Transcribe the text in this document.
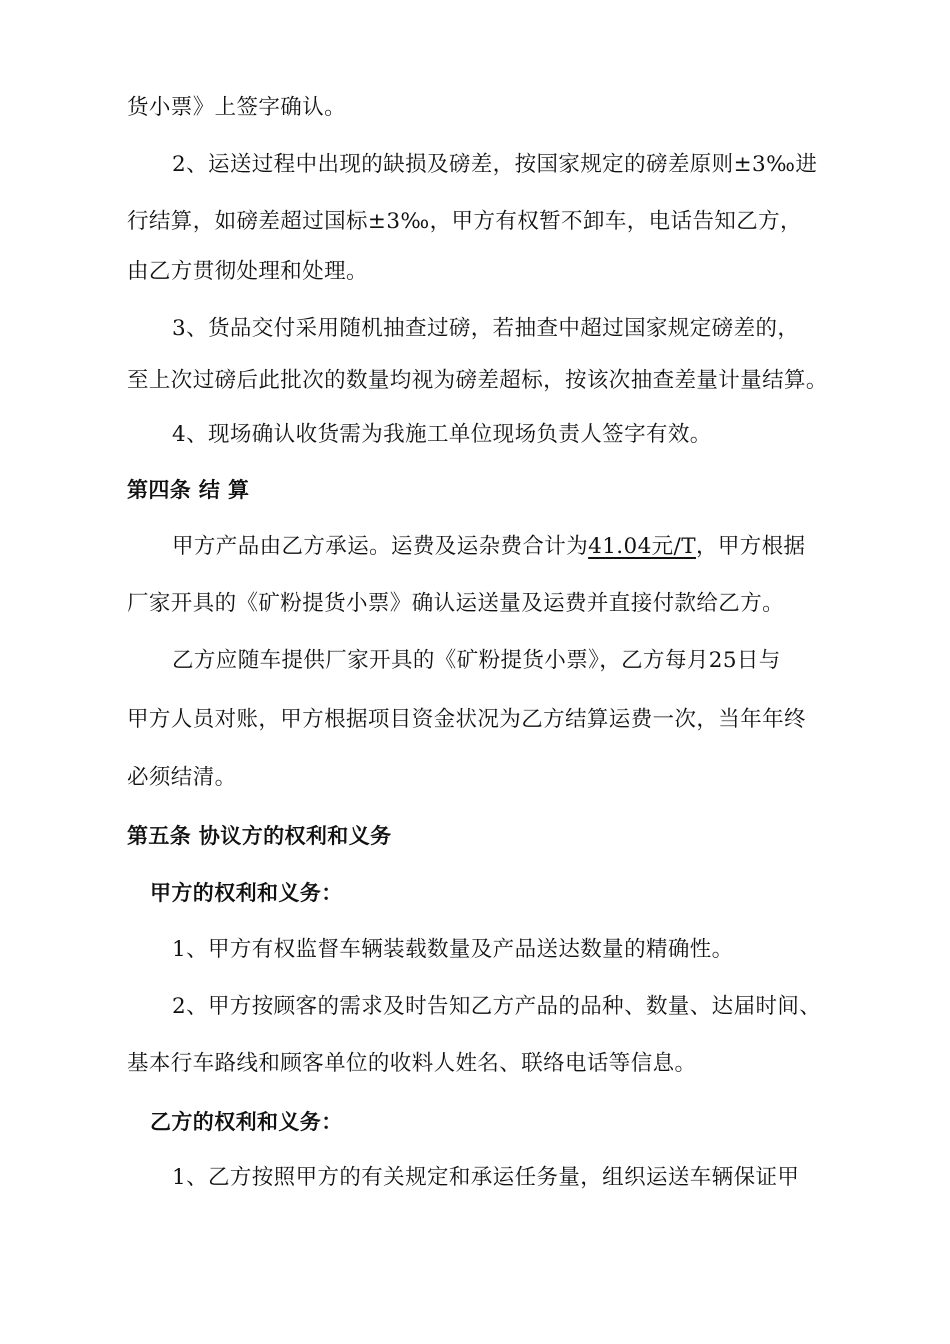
货小票》上签字确认。

2、运送过程中出现的缺损及磅差，按国家规定的磅差原则±3‰进

行结算，如磅差超过国标±3‰，甲方有权暂不卸车，电话告知乙方，

由乙方贯彻处理和处理。

3、货品交付采用随机抽查过磅，若抽查中超过国家规定磅差的，

至上次过磅后此批次的数量均视为磅差超标，按该次抽查差量计量结算。

4、现场确认收货需为我施工单位现场负责人签字有效。

第四条 结 算

甲方产品由乙方承运。运费及运杂费合计为41.04元/T，甲方根据

厂家开具的《矿粉提货小票》确认运送量及运费并直接付款给乙方。

乙方应随车提供厂家开具的《矿粉提货小票》，乙方每月25日与

甲方人员对账，甲方根据项目资金状况为乙方结算运费一次，当年年终

必须结清。

第五条 协议方的权利和义务

甲方的权利和义务：

1、甲方有权监督车辆装载数量及产品送达数量的精确性。

2、甲方按顾客的需求及时告知乙方产品的品种、数量、达届时间、

基本行车路线和顾客单位的收料人姓名、联络电话等信息。

乙方的权利和义务：

1、乙方按照甲方的有关规定和承运任务量，组织运送车辆保证甲
